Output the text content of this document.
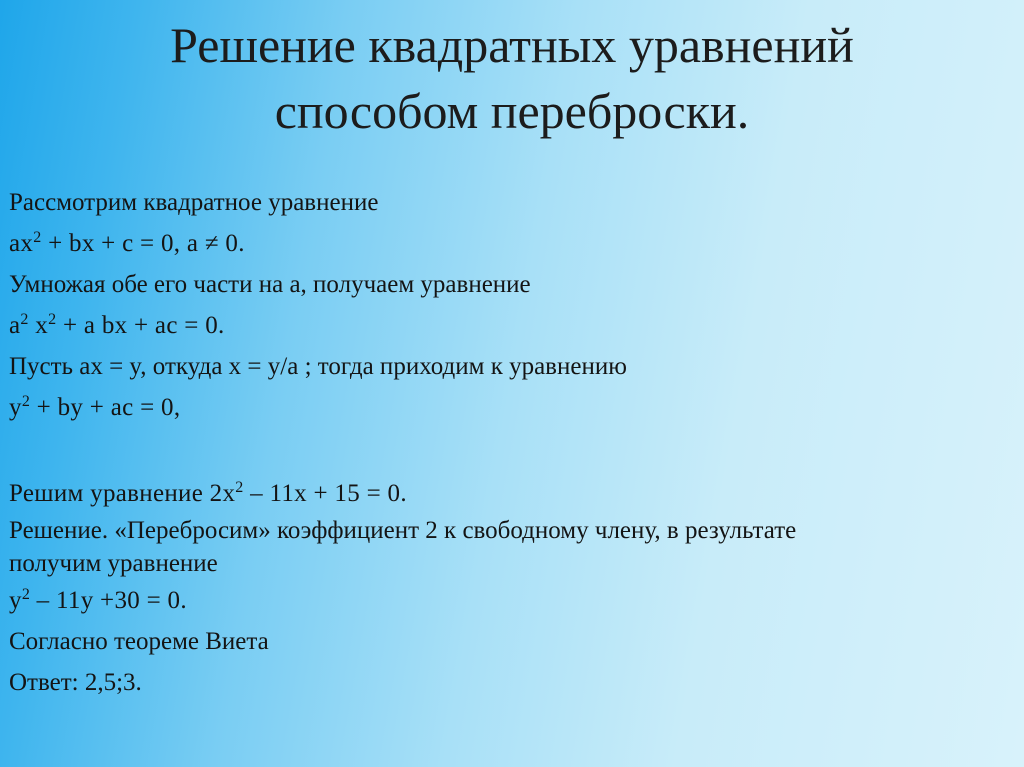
Решение квадратных уравнений
способом переброски.
Рассмотрим квадратное уравнение
$ax^2$ + bx + c = 0, a ≠ 0.
Умножая обе его части на a, получаем уравнение
$a^2$ $x^2 + a$ bx + ac = 0.
Пусть ax = y, откуда x = y/a ; тогда приходим к уравнению
$y^2$ + by + ac = 0,
Решим уравнение $2x^2 - 11x + 15 = 0$.
Решение. «Перебросим» коэффициент 2 к свободному члену, в результате
получим уравнение
$y^2 - 11y +30 = 0$.
Согласно теореме Виета
Ответ: 2,5;3.
